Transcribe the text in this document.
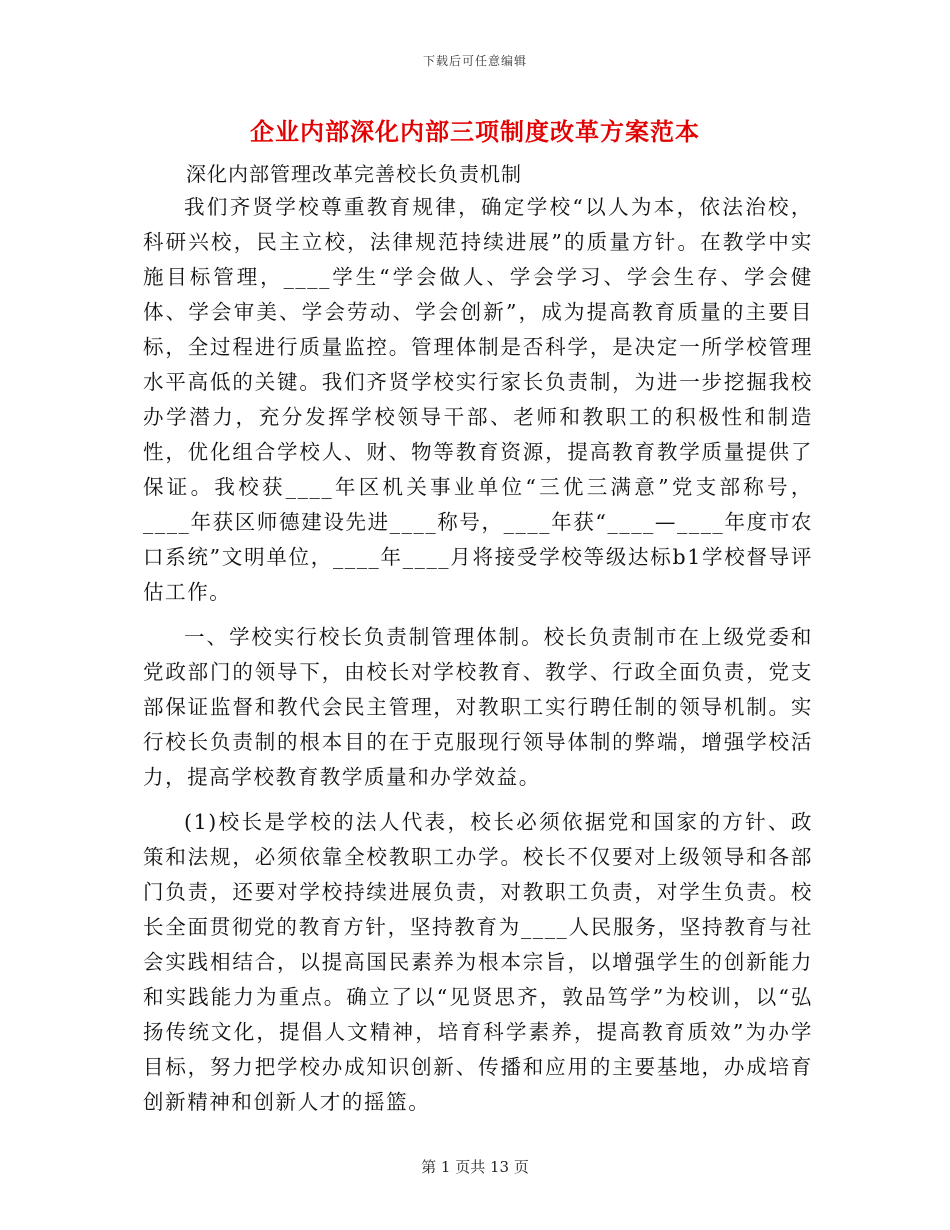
下载后可任意编辑
企业内部深化内部三项制度改革方案范本
深化内部管理改革完善校长负责机制

我们齐贤学校尊重教育规律，确定学校“以人为本，依法治校，科研兴校，民主立校，法律规范持续进展”的质量方针。在教学中实施目标管理，____学生“学会做人、学会学习、学会生存、学会健体、学会审美、学会劳动、学会创新”，成为提高教育质量的主要目标，全过程进行质量监控。管理体制是否科学，是决定一所学校管理水平高低的关键。我们齐贤学校实行家长负责制，为进一步挖掘我校办学潜力，充分发挥学校领导干部、老师和教职工的积极性和制造性，优化组合学校人、财、物等教育资源，提高教育教学质量提供了保证。我校获____年区机关事业单位“三优三满意”党支部称号，____年获区师德建设先进____称号，____年获“____—____年度市农口系统”文明单位，____年____月将接受学校等级达标b1学校督导评估工作。

一、学校实行校长负责制管理体制。校长负责制市在上级党委和党政部门的领导下，由校长对学校教育、教学、行政全面负责，党支部保证监督和教代会民主管理，对教职工实行聘任制的领导机制。实行校长负责制的根本目的在于克服现行领导体制的弊端，增强学校活力，提高学校教育教学质量和办学效益。

(1)校长是学校的法人代表，校长必须依据党和国家的方针、政策和法规，必须依靠全校教职工办学。校长不仅要对上级领导和各部门负责，还要对学校持续进展负责，对教职工负责，对学生负责。校长全面贯彻党的教育方针，坚持教育为____人民服务，坚持教育与社会实践相结合，以提高国民素养为根本宗旨，以增强学生的创新能力和实践能力为重点。确立了以“见贤思齐，敦品笃学”为校训，以“弘扬传统文化，提倡人文精神，培育科学素养，提高教育质效”为办学目标，努力把学校办成知识创新、传播和应用的主要基地，办成培育创新精神和创新人才的摇篮。

第 1 页共 13 页
